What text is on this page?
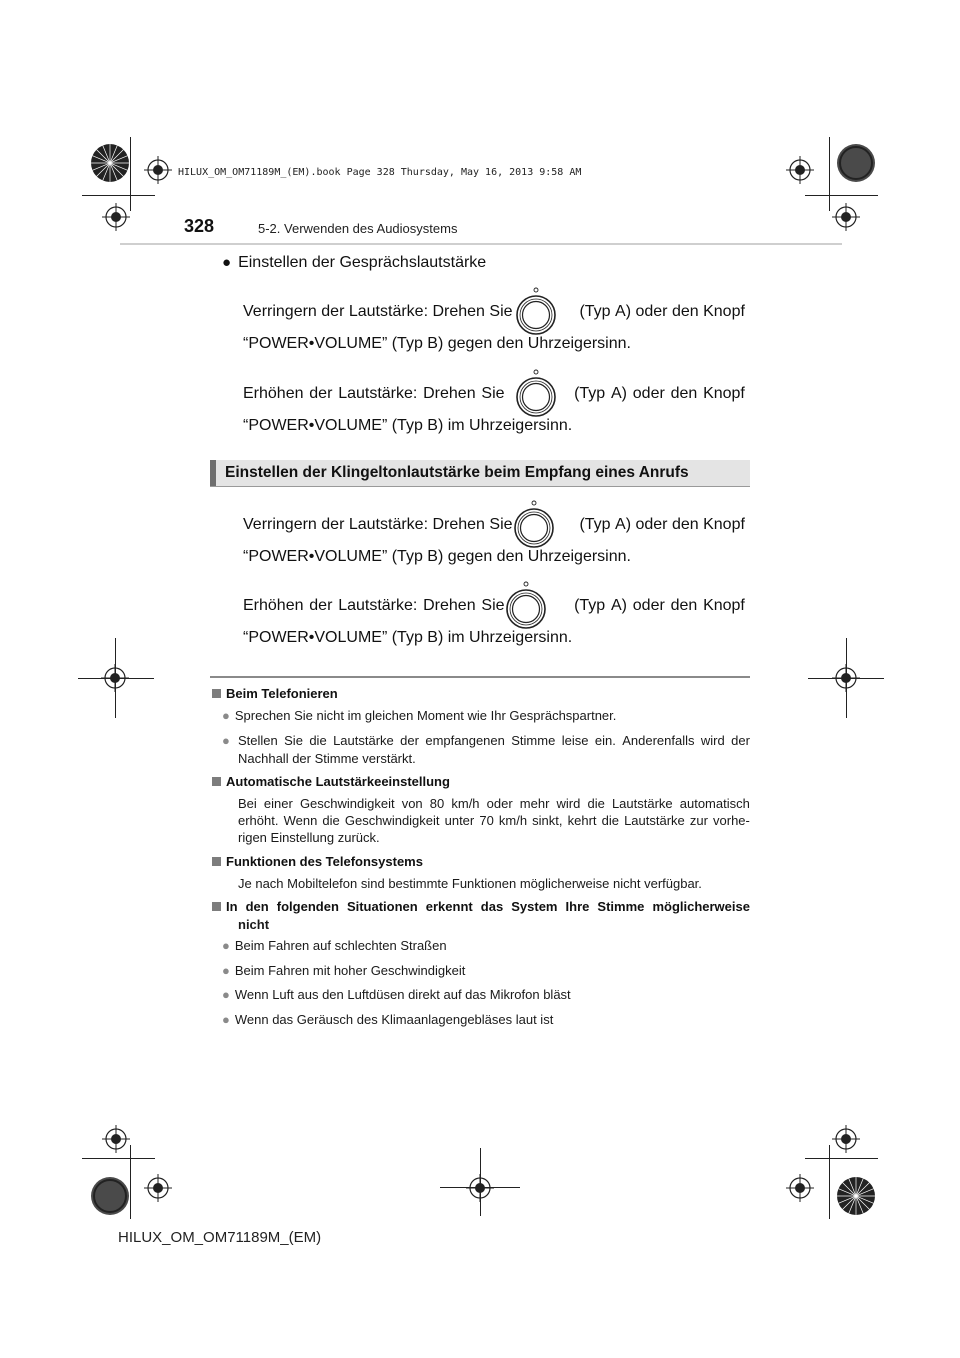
HILUX_OM_OM71189M_(EM).book Page 328 Thursday, May 16, 2013 9:58 AM
328	5-2. Verwenden des Audiosystems
● Einstellen der Gesprächslautstärke
Verringern der Lautstärke: Drehen Sie	(Typ A) oder den Knopf
“POWER•VOLUME” (Typ B) gegen den Uhrzeigersinn.
Erhöhen der Lautstärke: Drehen Sie	(Typ A) oder den Knopf
“POWER•VOLUME” (Typ B) im Uhrzeigersinn.
Einstellen der Klingeltonlautstärke beim Empfang eines Anrufs
Verringern der Lautstärke: Drehen Sie	(Typ A) oder den Knopf
“POWER•VOLUME” (Typ B) gegen den Uhrzeigersinn.
Erhöhen der Lautstärke: Drehen Sie	(Typ A) oder den Knopf
“POWER•VOLUME” (Typ B) im Uhrzeigersinn.
Beim Telefonieren
● Sprechen Sie nicht im gleichen Moment wie Ihr Gesprächspartner.
● Stellen Sie die Lautstärke der empfangenen Stimme leise ein. Anderenfalls wird der
Nachhall der Stimme verstärkt.
Automatische Lautstärkeeinstellung
Bei einer Geschwindigkeit von 80 km/h oder mehr wird die Lautstärke automatisch
erhöht. Wenn die Geschwindigkeit unter 70 km/h sinkt, kehrt die Lautstärke zur vorhe-
rigen Einstellung zurück.
Funktionen des Telefonsystems
Je nach Mobiltelefon sind bestimmte Funktionen möglicherweise nicht verfügbar.
In den folgenden Situationen erkennt das System Ihre Stimme möglicherweise
nicht
● Beim Fahren auf schlechten Straßen
● Beim Fahren mit hoher Geschwindigkeit
● Wenn Luft aus den Luftdüsen direkt auf das Mikrofon bläst
● Wenn das Geräusch des Klimaanlagengebläses laut ist
HILUX_OM_OM71189M_(EM)
